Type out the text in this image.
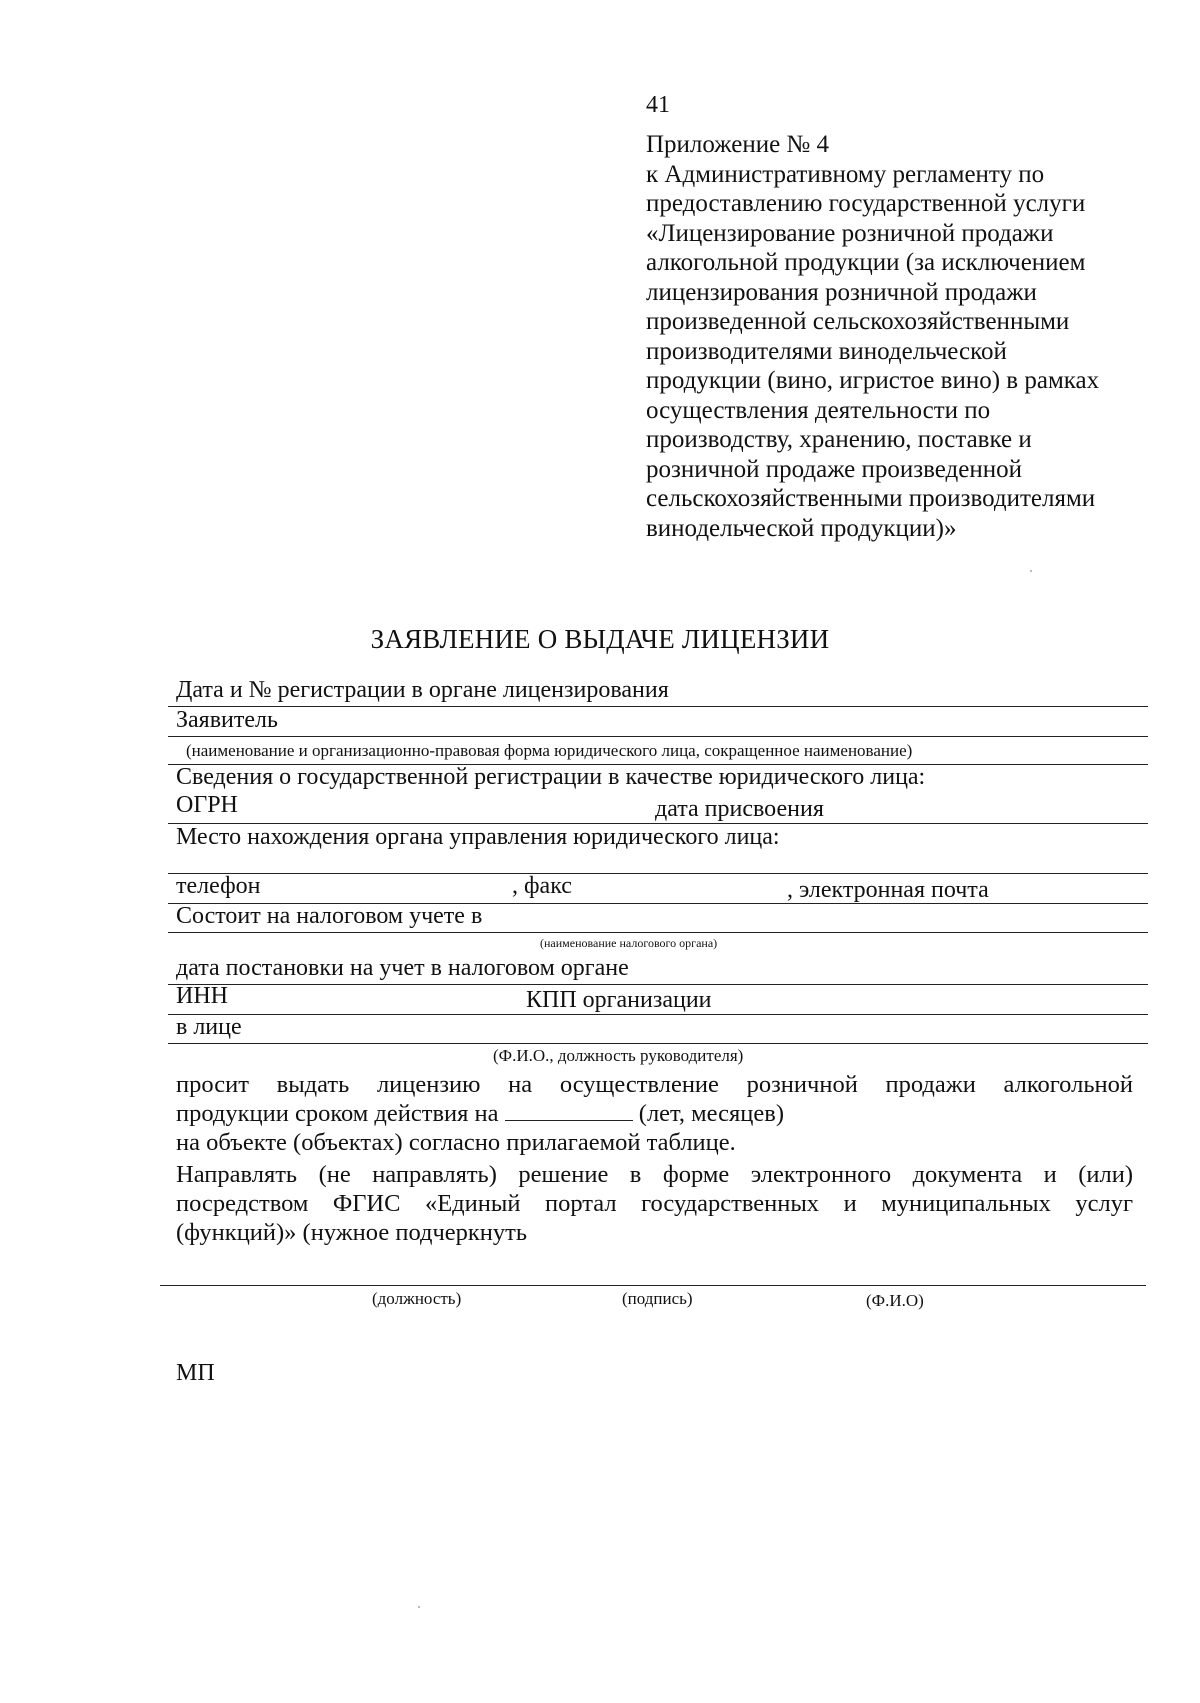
41
Приложение № 4
к Административному регламенту по
предоставлению государственной услуги
«Лицензирование розничной продажи
алкогольной продукции (за исключением
лицензирования розничной продажи
произведенной сельскохозяйственными
производителями винодельческой
продукции (вино, игристое вино) в рамках
осуществления деятельности по
производству, хранению, поставке и
розничной продаже произведенной
сельскохозяйственными производителями
винодельческой продукции)»
ЗАЯВЛЕНИЕ О ВЫДАЧЕ ЛИЦЕНЗИИ
Дата и № регистрации в органе лицензирования
Заявитель
(наименование и организационно-правовая форма юридического лица, сокращенное наименование)
Сведения о государственной регистрации в качестве юридического лица:
ОГРН	дата присвоения
Место нахождения органа управления юридического лица:
телефон	, факс	, электронная почта
Состоит на налоговом учете в
(наименование налогового органа)
дата постановки на учет в налоговом органе
ИНН	КПП организации
в лице
(Ф.И.О., должность руководителя)
просит выдать лицензию на осуществление розничной продажи алкогольной
продукции сроком действия на	(лет, месяцев)
на объекте (объектах) согласно прилагаемой таблице.
Направлять (не направлять) решение в форме электронного документа и (или)
посредством ФГИС «Единый портал государственных и муниципальных услуг
(функций)» (нужное подчеркнуть
(должность)	(подпись)	(Ф.И.О)
МП
